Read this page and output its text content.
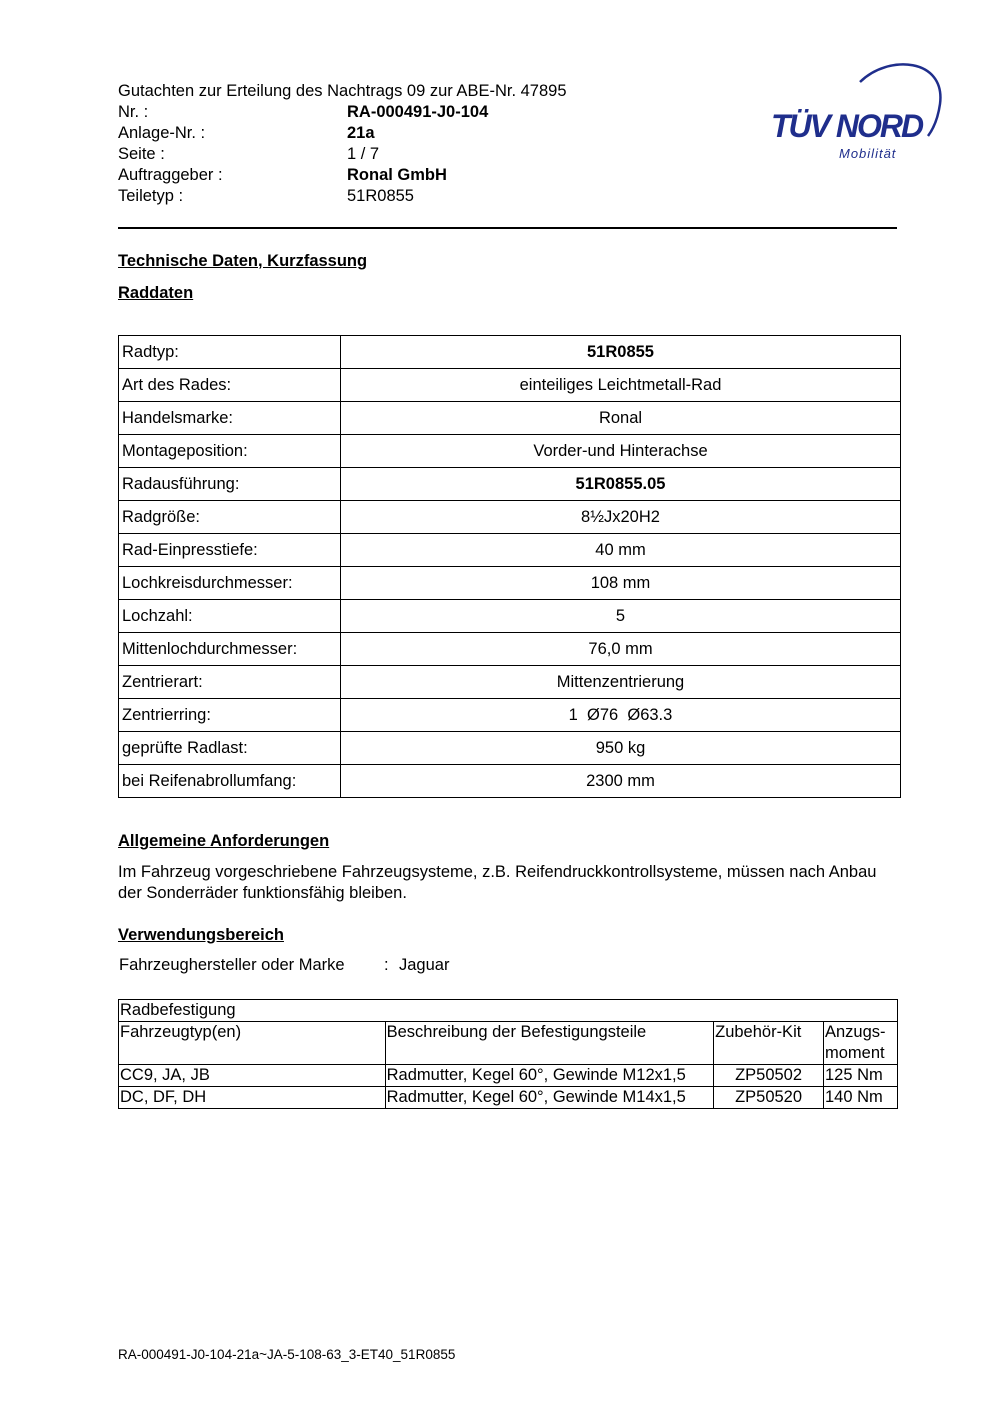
Gutachten zur Erteilung des Nachtrags 09 zur ABE-Nr. 47895
Nr. :	RA-000491-J0-104
Anlage-Nr. :	21a
Seite :	1 / 7
Auftraggeber :	Ronal GmbH
Teiletyp :	51R0855
TÜV NORD
Mobilität
Technische Daten, Kurzfassung
Raddaten
Radtyp:	51R0855
Art des Rades:	einteiliges Leichtmetall-Rad
Handelsmarke:	Ronal
Montageposition:	Vorder-und Hinterachse
Radausführung:	51R0855.05
Radgröße:	8½Jx20H2
Rad-Einpresstiefe:	40 mm
Lochkreisdurchmesser:	108 mm
Lochzahl:	5
Mittenlochdurchmesser:	76,0 mm
Zentrierart:	Mittenzentrierung
Zentrierring:	1  Ø76  Ø63.3
geprüfte Radlast:	950 kg
bei Reifenabrollumfang:	2300 mm
Allgemeine Anforderungen
Im Fahrzeug vorgeschriebene Fahrzeugsysteme, z.B. Reifendruckkontrollsysteme, müssen nach Anbau der Sonderräder funktionsfähig bleiben.
Verwendungsbereich
Fahrzeughersteller oder Marke : Jaguar
Radbefestigung			
Fahrzeugtyp(en)	Beschreibung der Befestigungsteile	Zubehör-Kit	Anzugs-
moment
CC9, JA, JB	Radmutter, Kegel 60°, Gewinde M12x1,5	ZP50502	125 Nm
DC, DF, DH	Radmutter, Kegel 60°, Gewinde M14x1,5	ZP50520	140 Nm
RA-000491-J0-104-21a~JA-5-108-63_3-ET40_51R0855
